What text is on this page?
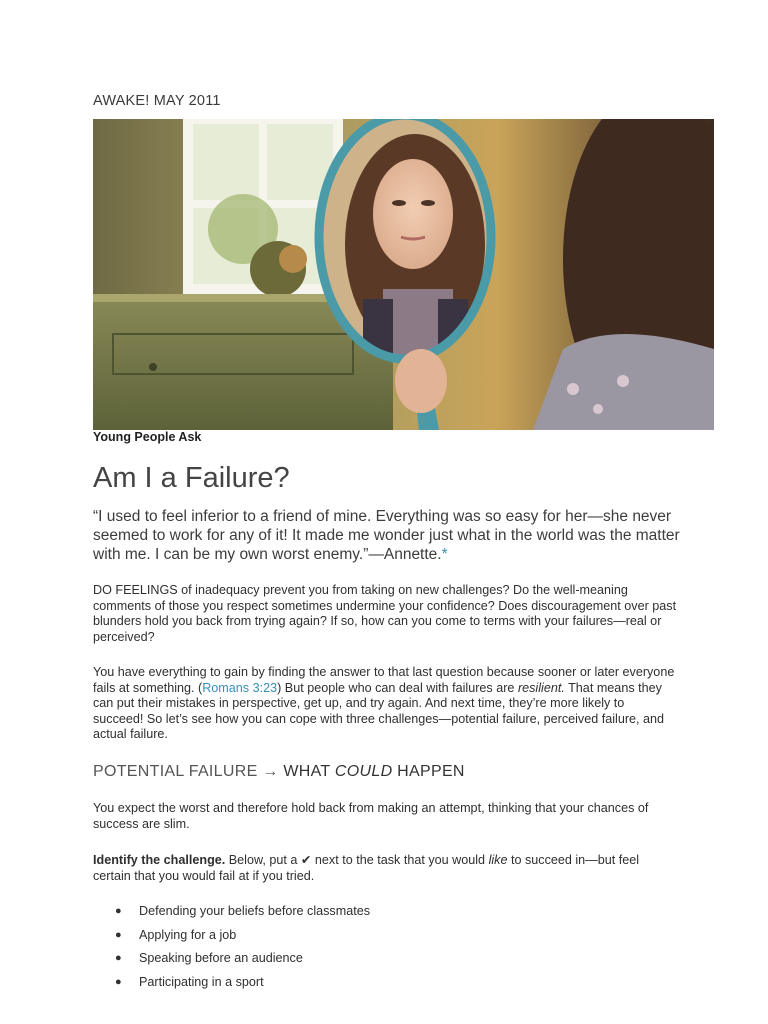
AWAKE! MAY 2011
Young People Ask
Am I a Failure?
“I used to feel inferior to a friend of mine. Everything was so easy for her—she never seemed to work for any of it! It made me wonder just what in the world was the matter with me. I can be my own worst enemy.”—Annette.*

DO FEELINGS of inadequacy prevent you from taking on new challenges? Do the well-meaning comments of those you respect sometimes undermine your confidence? Does discouragement over past blunders hold you back from trying again? If so, how can you come to terms with your failures—real or perceived?

You have everything to gain by finding the answer to that last question because sooner or later everyone fails at something. (Romans 3:23) But people who can deal with failures are resilient. That means they can put their mistakes in perspective, get up, and try again. And next time, they’re more likely to succeed! So let’s see how you can cope with three challenges—potential failure, perceived failure, and actual failure.

POTENTIAL FAILURE → WHAT COULD HAPPEN

You expect the worst and therefore hold back from making an attempt, thinking that your chances of success are slim.

Identify the challenge. Below, put a ✔ next to the task that you would like to succeed in—but feel certain that you would fail at if you tried.

● Defending your beliefs before classmates
● Applying for a job
● Speaking before an audience
● Participating in a sport
